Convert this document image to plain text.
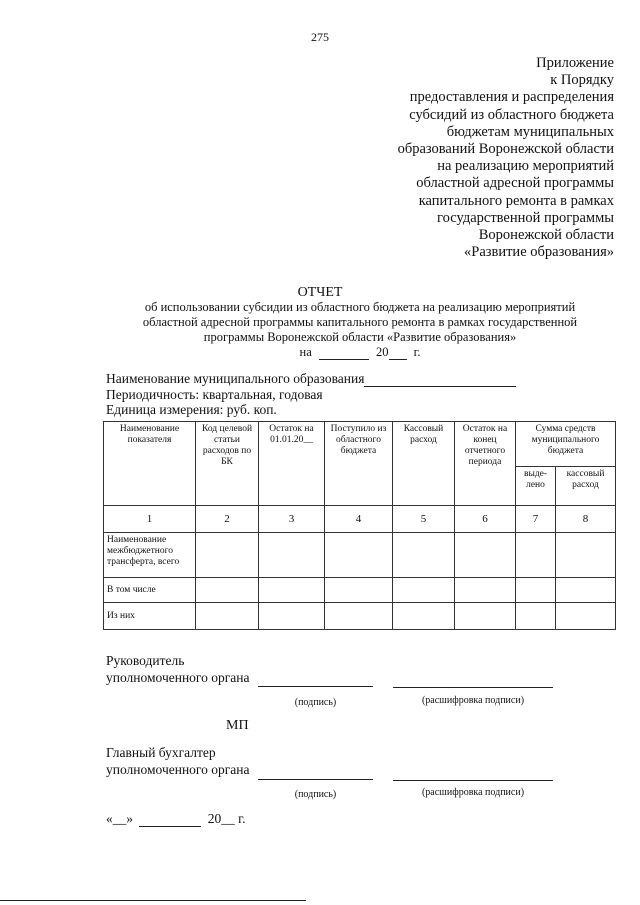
275
Приложение
к Порядку
предоставления и распределения
субсидий из областного бюджета
бюджетам муниципальных
образований Воронежской области
на реализацию мероприятий
областной адресной программы
капитального ремонта в рамках
государственной программы
Воронежской области
«Развитие образования»
ОТЧЕТ
об использовании субсидии из областного бюджета на реализацию мероприятий
областной адресной программы капитального ремонта в рамках государственной
программы Воронежской области «Развитие образования»
на	20 г.
Наименование муниципального образования
Периодичность: квартальная, годовая
Единица измерения: руб. коп.
Наименование показателя	Код целевой статьи расходов по БК	Остаток на 01.01.20__	Поступило из областного бюджета	Кассовый расход	Остаток на конец отчетного периода	Сумма средств муниципального бюджета	
						выде-лено	кассовый расход
1	2	3	4	5	6	7	8
Наименование межбюджетного трансферта, всего							
В том числе							
Из них							
Руководитель
уполномоченного органа
(подпись)	(расшифровка подписи)
МП
Главный бухгалтер
уполномоченного органа
(подпись)	(расшифровка подписи)
«__»	20__ г.
